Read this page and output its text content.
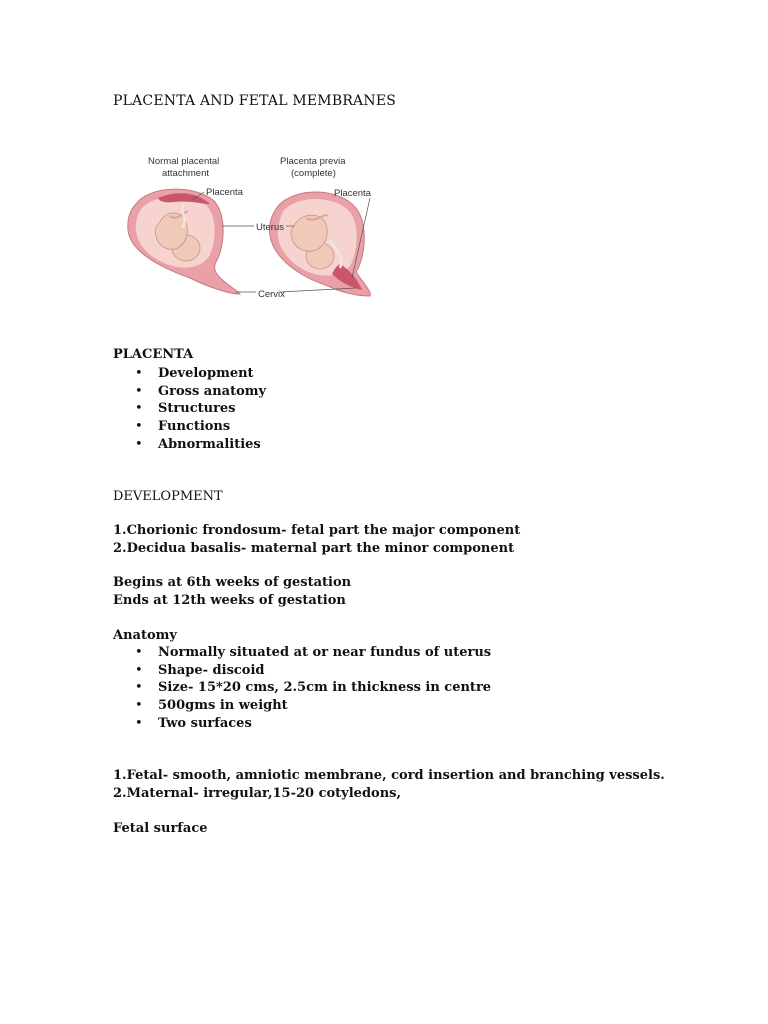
PLACENTA AND FETAL MEMBRANES
Normal placental
attachment
Placenta previa
(complete)
Placenta
Uterus
Placenta
Cervix
PLACENTA
• Development
• Gross anatomy
• Structures
• Functions
• Abnormalities
DEVELOPMENT
1.Chorionic frondosum- fetal part the major component
2.Decidua basalis- maternal part the minor component
Begins at 6th weeks of gestation
Ends at 12th weeks of gestation
Anatomy
• Normally situated at or near fundus of uterus
• Shape- discoid
• Size- 15*20 cms, 2.5cm in thickness in centre
• 500gms in weight
• Two surfaces
1.Fetal- smooth, amniotic membrane, cord insertion and branching vessels.
2.Maternal- irregular,15-20 cotyledons,
Fetal surface
